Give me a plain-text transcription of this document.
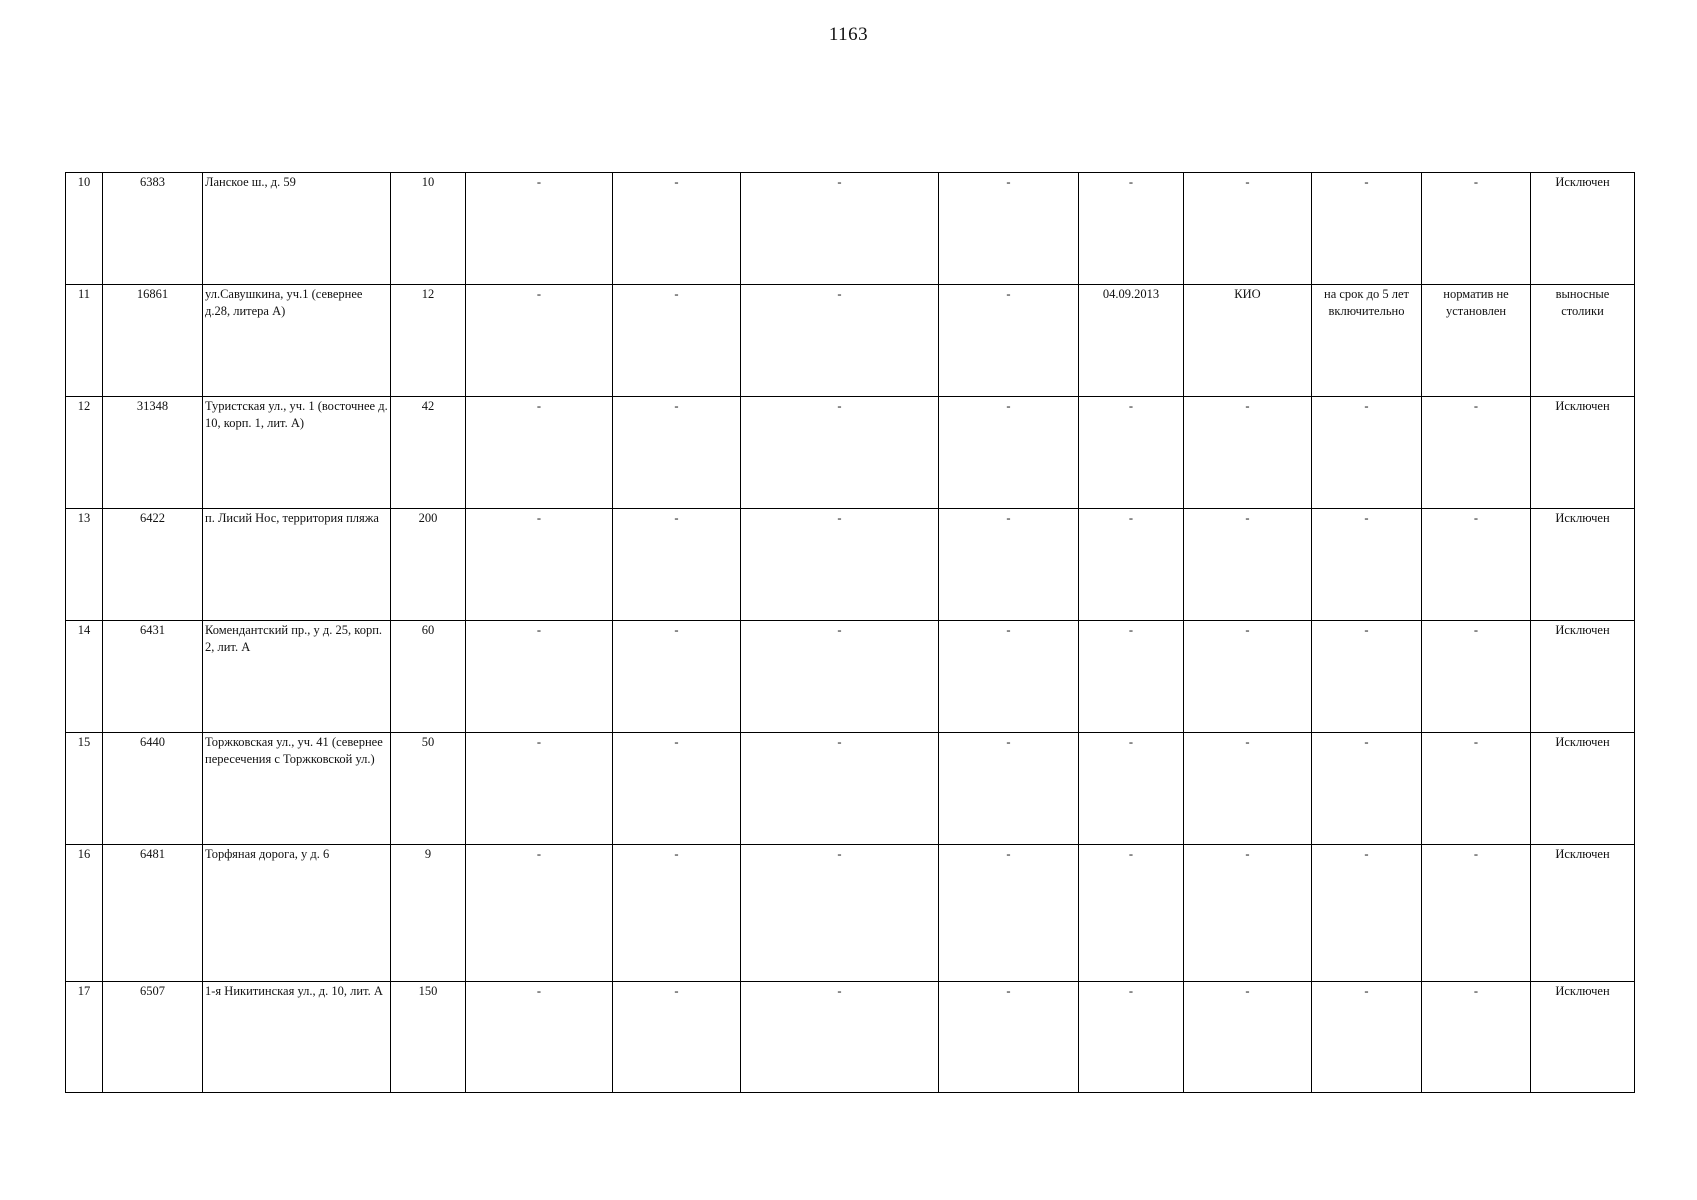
1163
10	6383	Ланское ш., д. 59	10	-	-	-	-	-	-	-	-	Исключен
11	16861	ул.Савушкина, уч.1 (севернее д.28, литера А)	12	-	-	-	-	04.09.2013	КИО	на срок до 5 лет включительно	норматив не установлен	выносные столики
12	31348	Туристская ул., уч. 1 (восточнее д. 10, корп. 1, лит. А)	42	-	-	-	-	-	-	-	-	Исключен
13	6422	п. Лисий Нос, территория пляжа	200	-	-	-	-	-	-	-	-	Исключен
14	6431	Комендантский пр., у д. 25, корп. 2, лит. А	60	-	-	-	-	-	-	-	-	Исключен
15	6440	Торжковская ул., уч. 41 (севернее пересечения с Торжковской ул.)	50	-	-	-	-	-	-	-	-	Исключен
16	6481	Торфяная дорога, у д. 6	9	-	-	-	-	-	-	-	-	Исключен
17	6507	1-я Никитинская ул., д. 10, лит. А	150	-	-	-	-	-	-	-	-	Исключен
